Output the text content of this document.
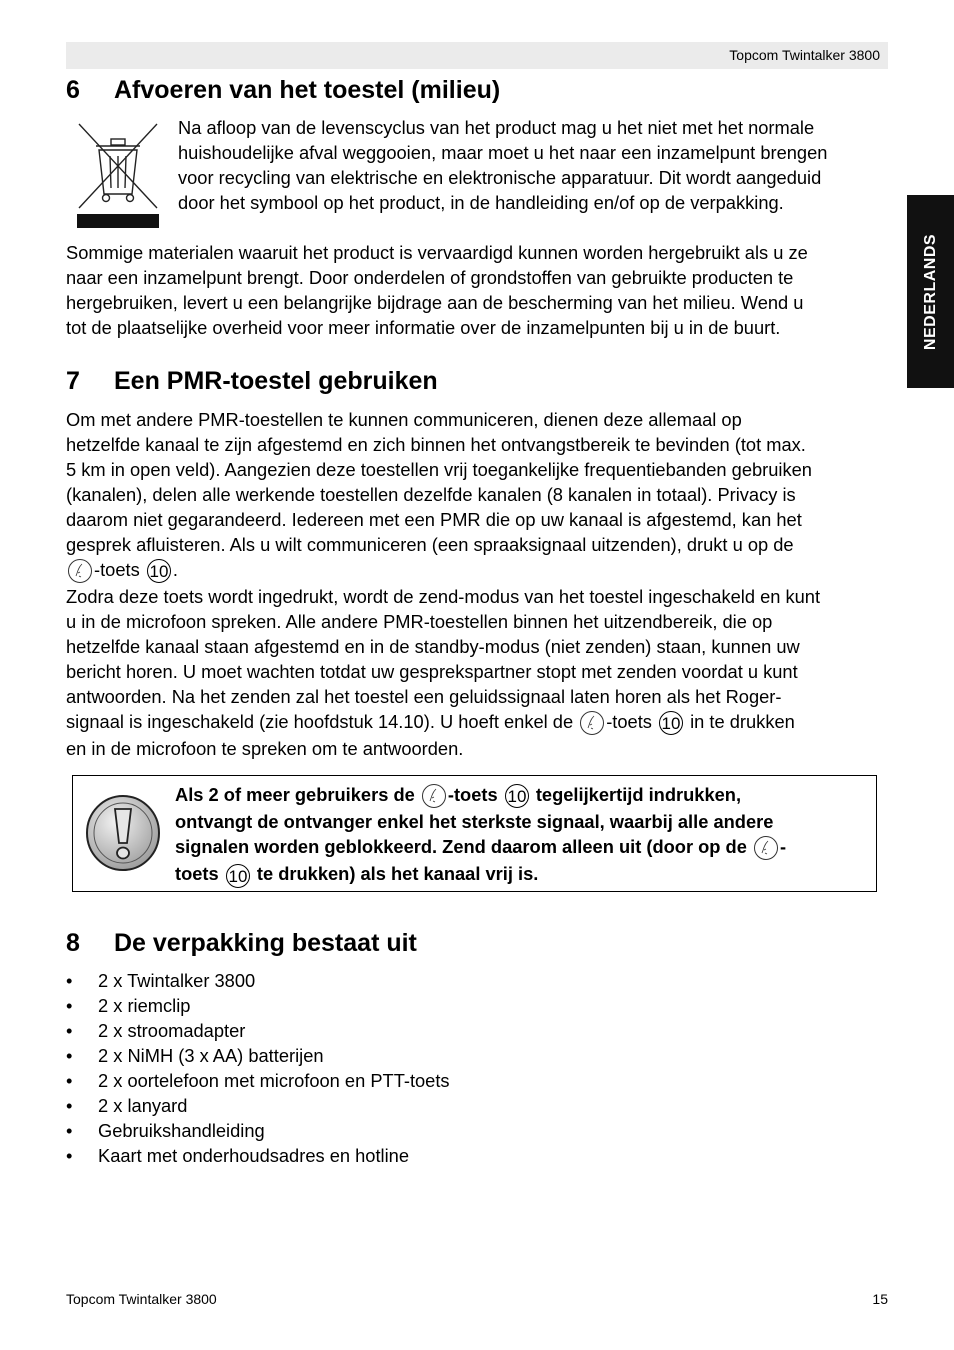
Topcom Twintalker 3800
NEDERLANDS
6 Afvoeren van het toestel (milieu)
Na afloop van de levenscyclus van het product mag u het niet met het normale
huishoudelijke afval weggooien, maar moet u het naar een inzamelpunt brengen
voor recycling van elektrische en elektronische apparatuur. Dit wordt aangeduid
door het symbool op het product, in de handleiding en/of op de verpakking.
Sommige materialen waaruit het product is vervaardigd kunnen worden hergebruikt als u ze
naar een inzamelpunt brengt. Door onderdelen of grondstoffen van gebruikte producten te
hergebruiken, levert u een belangrijke bijdrage aan de bescherming van het milieu. Wend u
tot de plaatselijke overheid voor meer informatie over de inzamelpunten bij u in de buurt.
7 Een PMR-toestel gebruiken
Om met andere PMR-toestellen te kunnen communiceren, dienen deze allemaal op
hetzelfde kanaal te zijn afgestemd en zich binnen het ontvangstbereik te bevinden (tot max.
5 km in open veld). Aangezien deze toestellen vrij toegankelijke frequentiebanden gebruiken
(kanalen), delen alle werkende toestellen dezelfde kanalen (8 kanalen in totaal). Privacy is
daarom niet gegarandeerd. Iedereen met een PMR die op uw kanaal is afgestemd, kan het
gesprek afluisteren. Als u wilt communiceren (een spraaksignaal uitzenden), drukt u op de
-toets 10 .
Zodra deze toets wordt ingedrukt, wordt de zend-modus van het toestel ingeschakeld en kunt
u in de microfoon spreken. Alle andere PMR-toestellen binnen het uitzendbereik, die op
hetzelfde kanaal staan afgestemd en in de standby-modus (niet zenden) staan, kunnen uw
bericht horen. U moet wachten totdat uw gesprekspartner stopt met zenden voordat u kunt
antwoorden. Na het zenden zal het toestel een geluidssignaal laten horen als het Roger-
signaal is ingeschakeld (zie hoofdstuk 14.10). U hoeft enkel de -toets 10 in te drukken
en in de microfoon te spreken om te antwoorden.
Als 2 of meer gebruikers de -toets 10 tegelijkertijd indrukken,
ontvangt de ontvanger enkel het sterkste signaal, waarbij alle andere
signalen worden geblokkeerd. Zend daarom alleen uit (door op de -
toets 10 te drukken) als het kanaal vrij is.
8 De verpakking bestaat uit
• 2 x Twintalker 3800
• 2 x riemclip
• 2 x stroomadapter
• 2 x NiMH (3 x AA) batterijen
• 2 x oortelefoon met microfoon en PTT-toets
• 2 x lanyard
• Gebruikshandleiding
• Kaart met onderhoudsadres en hotline
Topcom Twintalker 3800	15
